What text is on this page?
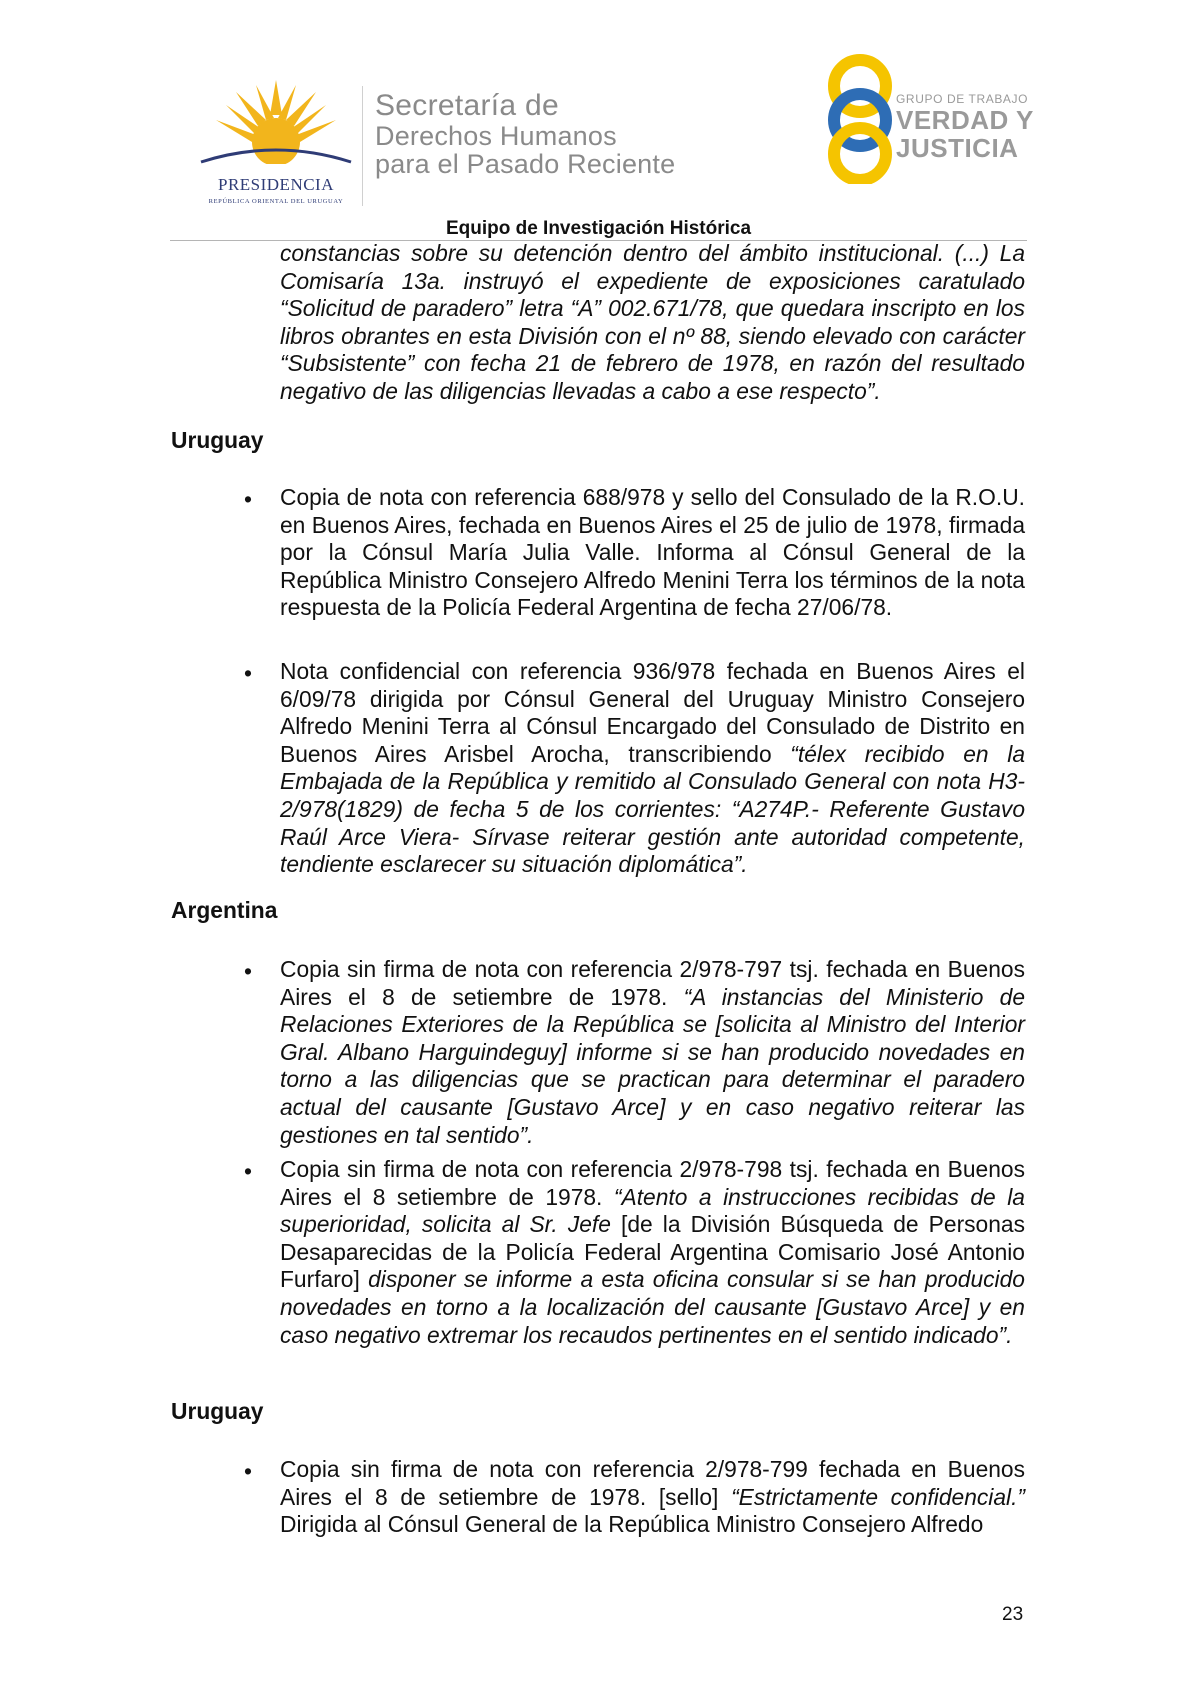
PRESIDENCIA
REPÚBLICA ORIENTAL DEL URUGUAY
Secretaría de
Derechos Humanos
para el Pasado Reciente
GRUPO DE TRABAJO
VERDAD Y
JUSTICIA
Equipo de Investigación Histórica
constancias sobre su detención dentro del ámbito institucional. (...) La Comisaría 13a. instruyó el expediente de exposiciones caratulado “Solicitud de paradero” letra “A” 002.671/78, que quedara inscripto en los libros obrantes en esta División con el nº 88, siendo elevado con carácter “Subsistente” con fecha 21 de febrero de 1978, en razón del resultado negativo de las diligencias llevadas a cabo a ese respecto”.
Uruguay
• Copia de nota con referencia 688/978 y sello del Consulado de la R.O.U. en Buenos Aires, fechada en Buenos Aires el 25 de julio de 1978, firmada por la Cónsul María Julia Valle. Informa al Cónsul General de la República Ministro Consejero Alfredo Menini Terra los términos de la nota respuesta de la Policía Federal Argentina de fecha 27/06/78.
• Nota confidencial con referencia 936/978 fechada en Buenos Aires el 6/09/78 dirigida por Cónsul General del Uruguay Ministro Consejero Alfredo Menini Terra al Cónsul Encargado del Consulado de Distrito en Buenos Aires Arisbel Arocha, transcribiendo “télex recibido en la Embajada de la República y remitido al Consulado General con nota H3-2/978(1829) de fecha 5 de los corrientes: “A274P.- Referente Gustavo Raúl Arce Viera- Sírvase reiterar gestión ante autoridad competente, tendiente esclarecer su situación diplomática”.
Argentina
• Copia sin firma de nota con referencia 2/978-797 tsj. fechada en Buenos Aires el 8 de setiembre de 1978. “A instancias del Ministerio de Relaciones Exteriores de la República se [solicita al Ministro del Interior Gral. Albano Harguindeguy] informe si se han producido novedades en torno a las diligencias que se practican para determinar el paradero actual del causante [Gustavo Arce] y en caso negativo reiterar las gestiones en tal sentido”.
• Copia sin firma de nota con referencia 2/978-798 tsj. fechada en Buenos Aires el 8 setiembre de 1978. “Atento a instrucciones recibidas de la superioridad, solicita al Sr. Jefe [de la División Búsqueda de Personas Desaparecidas de la Policía Federal Argentina Comisario José Antonio Furfaro] disponer se informe a esta oficina consular si se han producido novedades en torno a la localización del causante [Gustavo Arce] y en caso negativo extremar los recaudos pertinentes en el sentido indicado”.
Uruguay
• Copia sin firma de nota con referencia 2/978-799 fechada en Buenos Aires el 8 de setiembre de 1978. [sello] “Estrictamente confidencial.” Dirigida al Cónsul General de la República Ministro Consejero Alfredo
23
